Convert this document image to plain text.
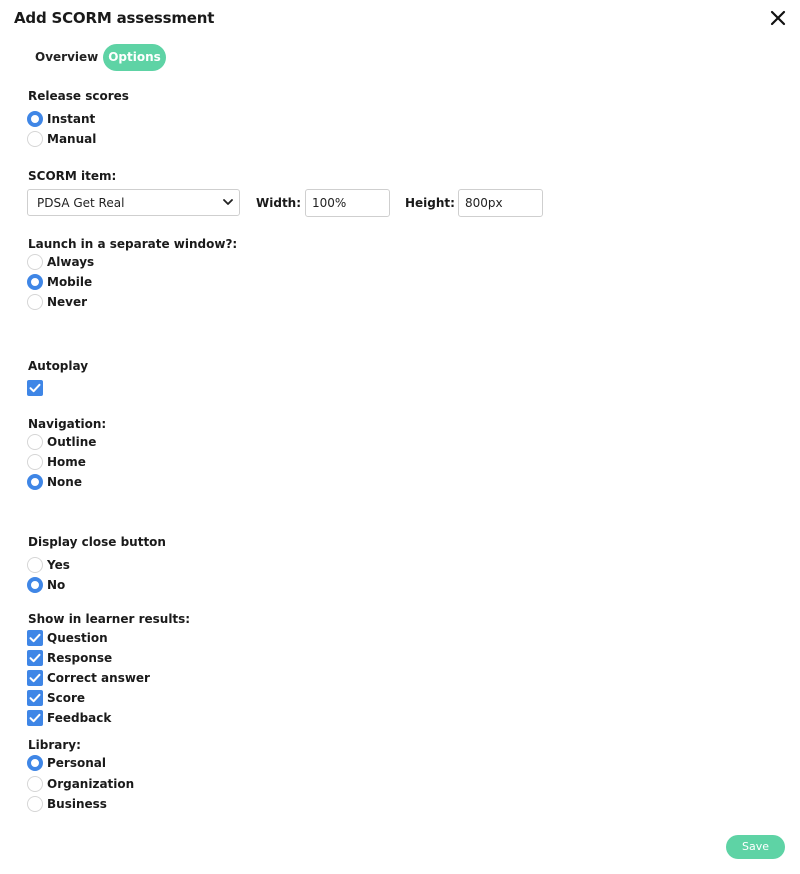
Add SCORM assessment
Overview Options
Release scores
Instant
Manual
SCORM item:
PDSA Get Real	Width:
100%	Height:
800px
Launch in a separate window?:
Always
Mobile
Never
Autoplay
Navigation:
Outline
Home
None
Display close button
Yes
No
Show in learner results:
Question
Response
Correct answer
Score
Feedback
Library:
Personal
Organization
Business
Save
